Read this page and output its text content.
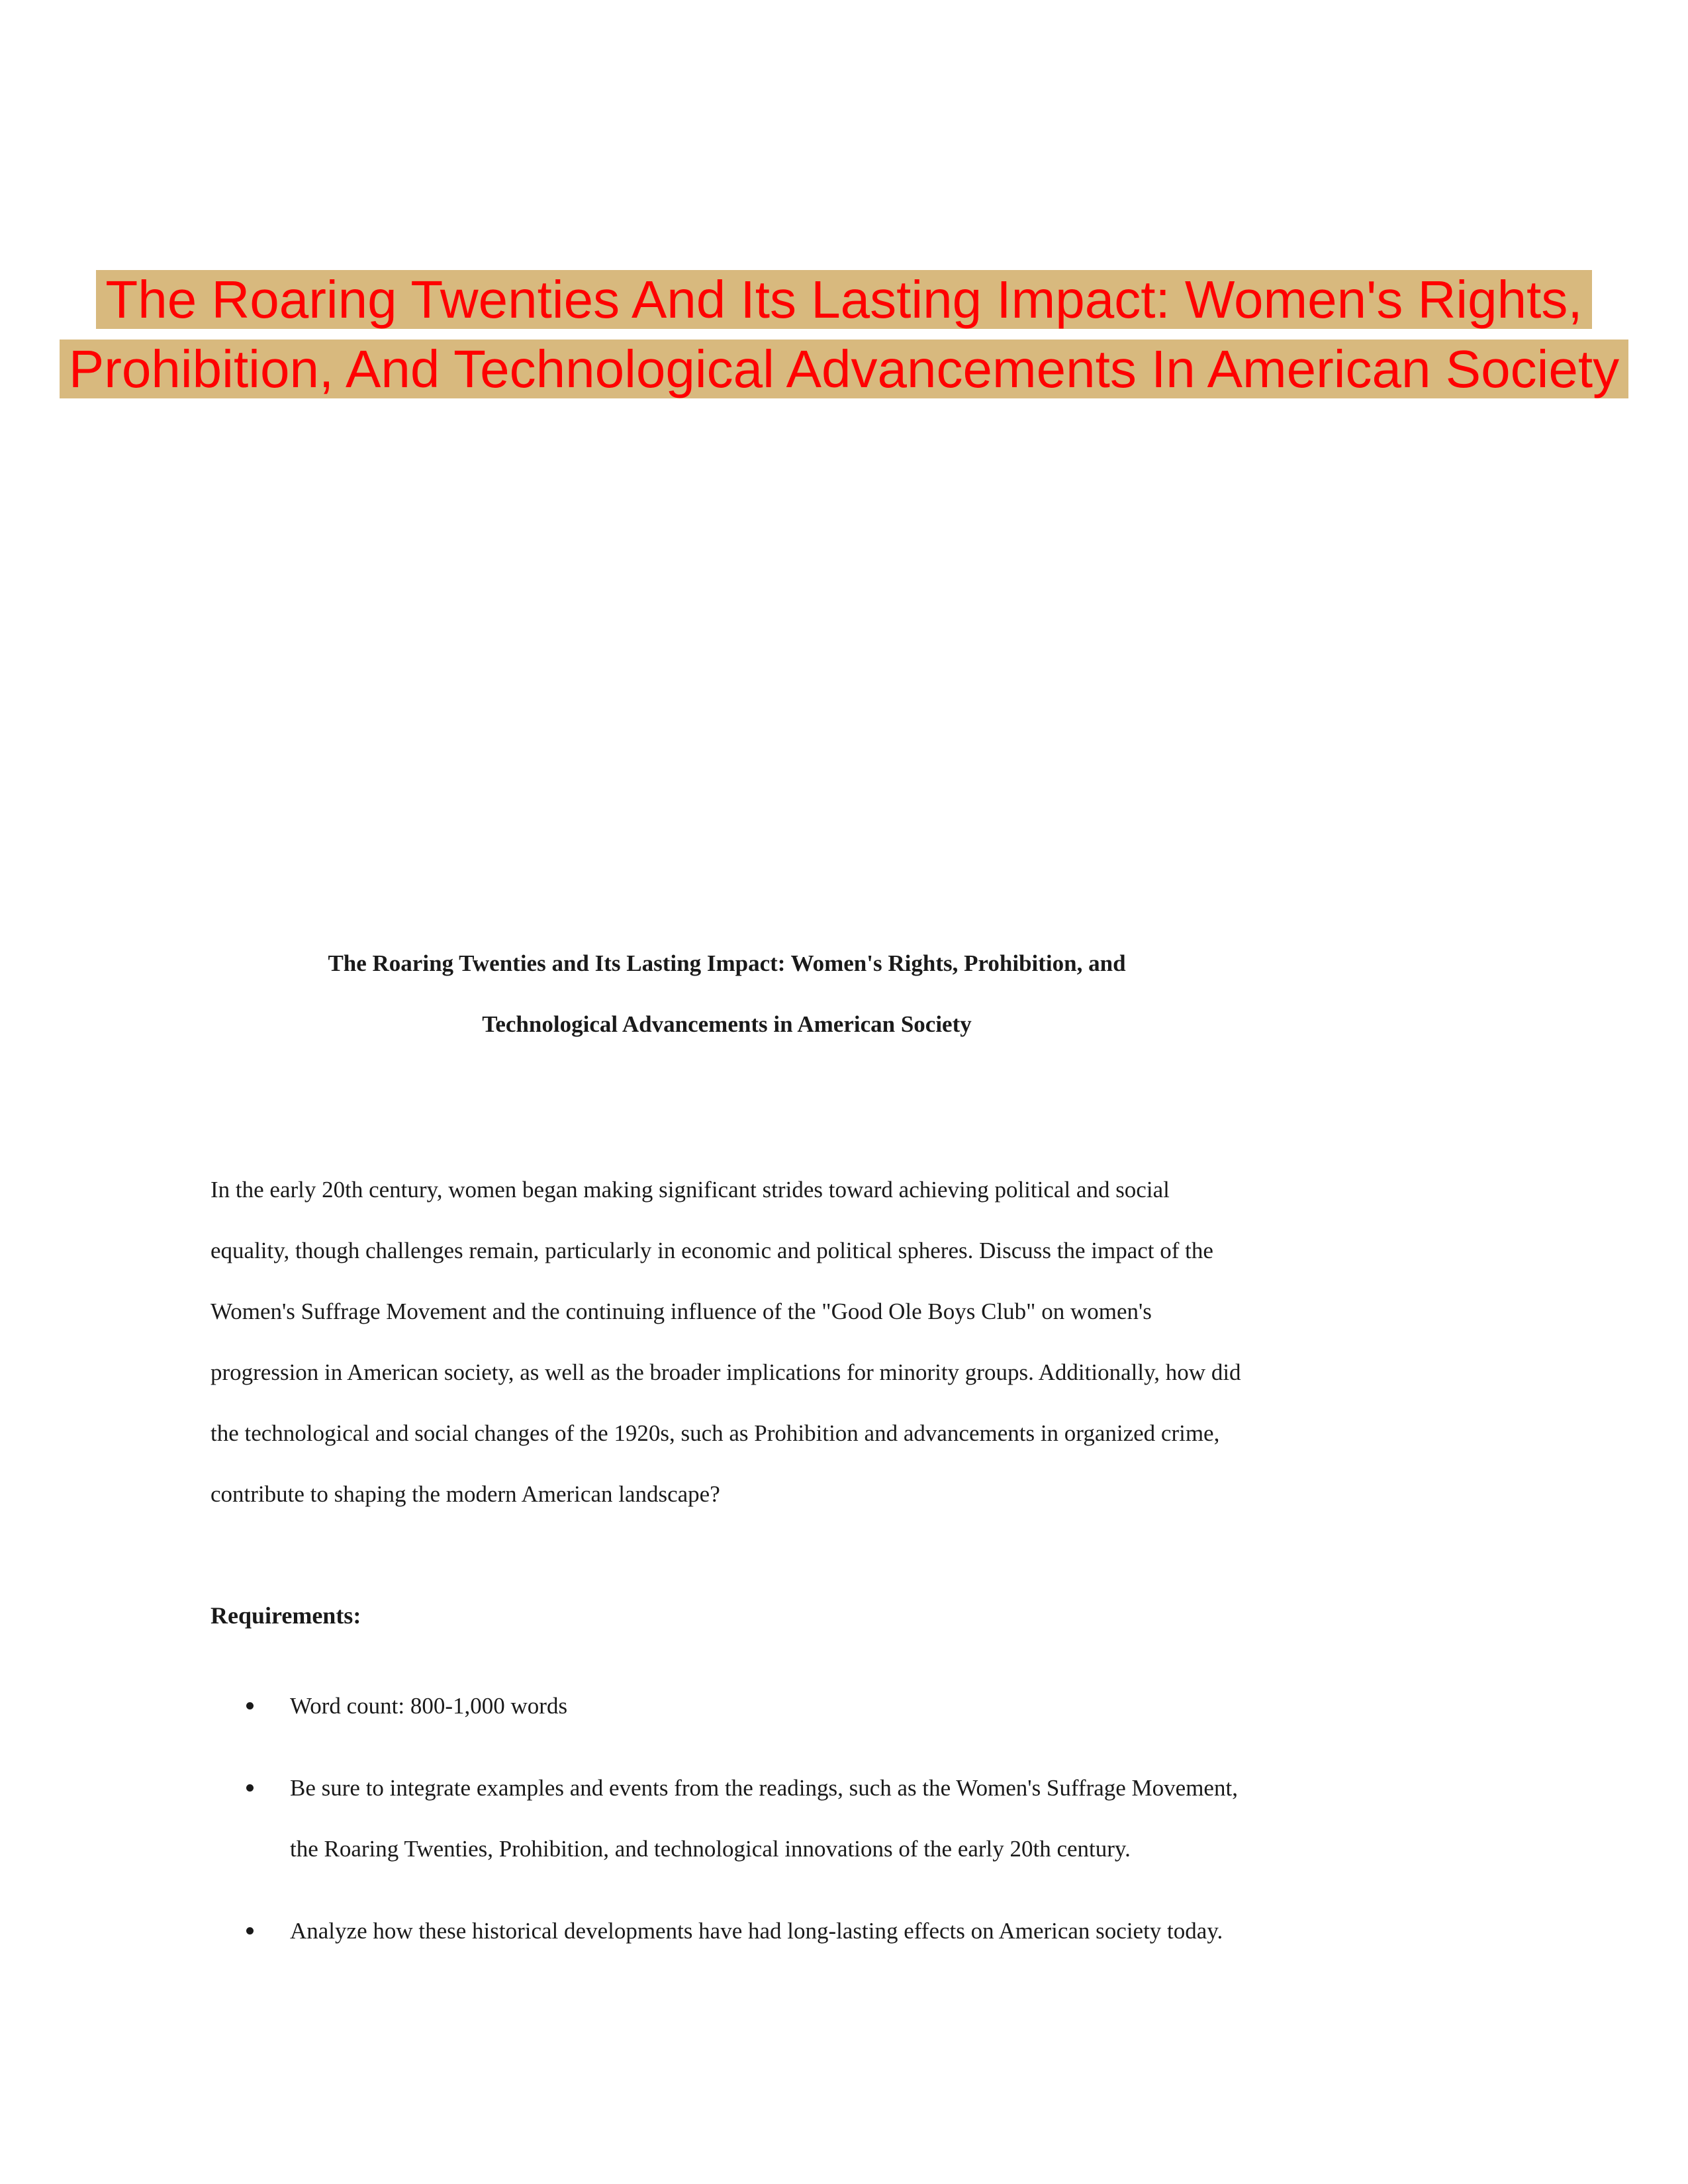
The Roaring Twenties And Its Lasting Impact: Women's Rights, Prohibition, And Technological Advancements In American Society
The Roaring Twenties and Its Lasting Impact: Women's Rights, Prohibition, and
Technological Advancements in American Society

In the early 20th century, women began making significant strides toward achieving political and social equality, though challenges remain, particularly in economic and political spheres. Discuss the impact of the Women's Suffrage Movement and the continuing influence of the "Good Ole Boys Club" on women's progression in American society, as well as the broader implications for minority groups. Additionally, how did the technological and social changes of the 1920s, such as Prohibition and advancements in organized crime, contribute to shaping the modern American landscape?

Requirements:

Word count: 800-1,000 words
Be sure to integrate examples and events from the readings, such as the Women's Suffrage Movement, the Roaring Twenties, Prohibition, and technological innovations of the early 20th century.
Analyze how these historical developments have had long-lasting effects on American society today.
